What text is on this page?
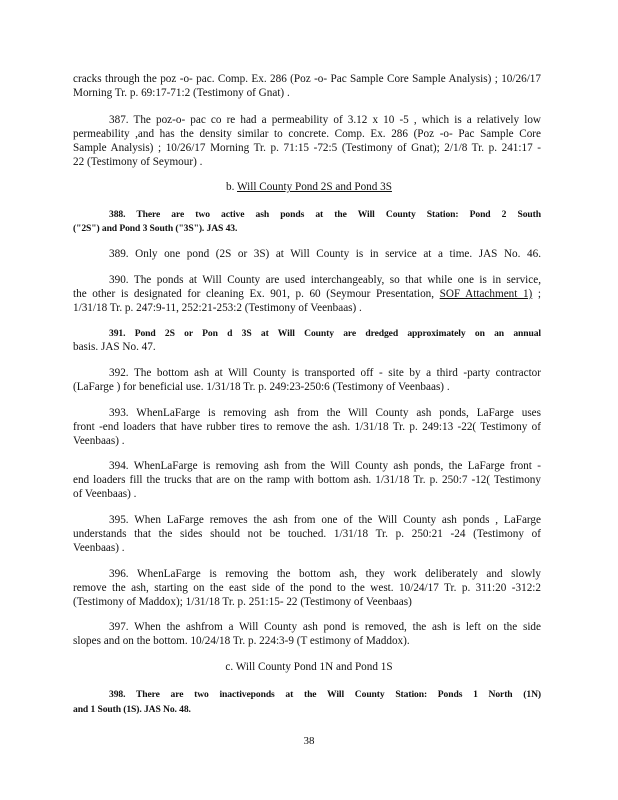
cracks through the poz -o- pac. Comp. Ex. 286 (Poz -o- Pac Sample Core Sample Analysis) ; 10/26/17
Morning Tr. p. 69:17-71:2 (Testimony of Gnat) .
387. The poz-o- pac co re had a permeability of 3.12 x 10 -5 , which is a relatively low
permeability ,and has the density similar to concrete. Comp. Ex. 286 (Poz -o- Pac Sample Core
Sample Analysis) ; 10/26/17 Morning Tr. p. 71:15 -72:5 (Testimony of Gnat); 2/1/8 Tr. p. 241:17 -
22 (Testimony of Seymour) .
b. Will County Pond 2S and Pond 3S
388. There are two active ash ponds at the Will County Station: Pond 2 South
("2S") and Pond 3 South ("3S"). JAS 43.
389. Only one pond (2S or 3S) at Will County is in service at a time. JAS No. 46.
390. The ponds at Will County are used interchangeably, so that while one is in service,
the other is designated for cleaning Ex. 901, p. 60 (Seymour Presentation, SOF Attachment 1) ;
1/31/18 Tr. p. 247:9-11, 252:21-253:2 (Testimony of Veenbaas) .
391. Pond 2S or Pon d 3S at Will County are dredged approximately on an annual
basis. JAS No. 47.
392. The bottom ash at Will County is transported off - site by a third -party contractor
(LaFarge ) for beneficial use. 1/31/18 Tr. p. 249:23-250:6 (Testimony of Veenbaas) .
393. WhenLaFarge is removing ash from the Will County ash ponds, LaFarge uses
front -end loaders that have rubber tires to remove the ash. 1/31/18 Tr. p. 249:13 -22( Testimony of
Veenbaas) .
394. WhenLaFarge is removing ash from the Will County ash ponds, the LaFarge front -
end loaders fill the trucks that are on the ramp with bottom ash. 1/31/18 Tr. p. 250:7 -12( Testimony
of Veenbaas) .
395. When LaFarge removes the ash from one of the Will County ash ponds , LaFarge
understands that the sides should not be touched. 1/31/18 Tr. p. 250:21 -24 (Testimony of
Veenbaas) .
396. WhenLaFarge is removing the bottom ash, they work deliberately and slowly
remove the ash, starting on the east side of the pond to the west. 10/24/17 Tr. p. 311:20 -312:2
(Testimony of Maddox); 1/31/18 Tr. p. 251:15- 22 (Testimony of Veenbaas)
397. When the ashfrom a Will County ash pond is removed, the ash is left on the side
slopes and on the bottom. 10/24/18 Tr. p. 224:3-9 (T estimony of Maddox).
c. Will County Pond 1N and Pond 1S
398. There are two inactiveponds at the Will County Station: Ponds 1 North (1N)
and 1 South (1S). JAS No. 48.
38
